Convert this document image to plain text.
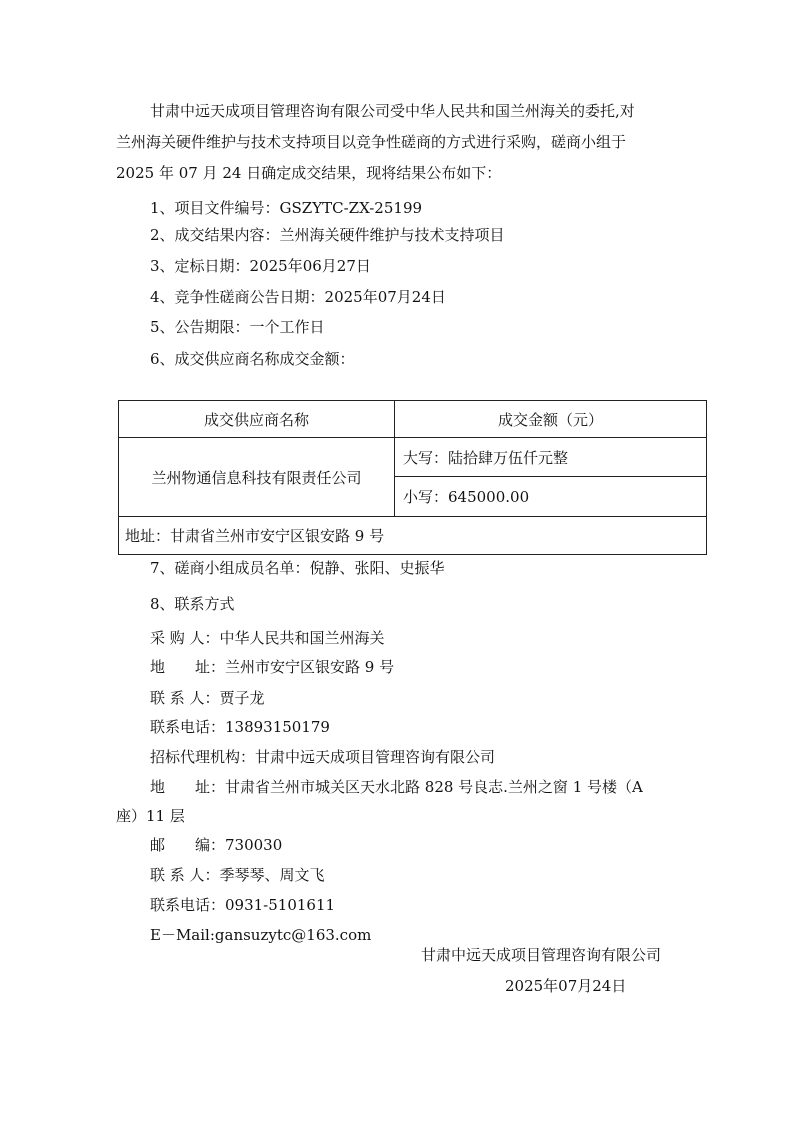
甘肃中远天成项目管理咨询有限公司受中华人民共和国兰州海关的委托,对
兰州海关硬件维护与技术支持项目以竞争性磋商的方式进行采购，磋商小组于
2025 年 07 月 24 日确定成交结果，现将结果公布如下：
1、项目文件编号：GSZYTC-ZX-25199
2、成交结果内容：兰州海关硬件维护与技术支持项目
3、定标日期：2025年06月27日
4、竞争性磋商公告日期：2025年07月24日
5、公告期限：一个工作日
6、成交供应商名称成交金额：
成交供应商名称	成交金额（元）
兰州物通信息科技有限责任公司	大写：陆拾肆万伍仟元整
	小写：645000.00
地址：甘肃省兰州市安宁区银安路 9 号	
7、磋商小组成员名单：倪静、张阳、史振华
8、联系方式
采 购 人：中华人民共和国兰州海关
地　　址：兰州市安宁区银安路 9 号
联 系 人：贾子龙
联系电话：13893150179
招标代理机构：甘肃中远天成项目管理咨询有限公司
地　　址：甘肃省兰州市城关区天水北路 828 号良志.兰州之窗 1 号楼（A
座）11 层
邮　　编：730030
联 系 人：季琴琴、周文飞
联系电话：0931-5101611
E－Mail:gansuzytc@163.com
甘肃中远天成项目管理咨询有限公司
2025年07月24日
